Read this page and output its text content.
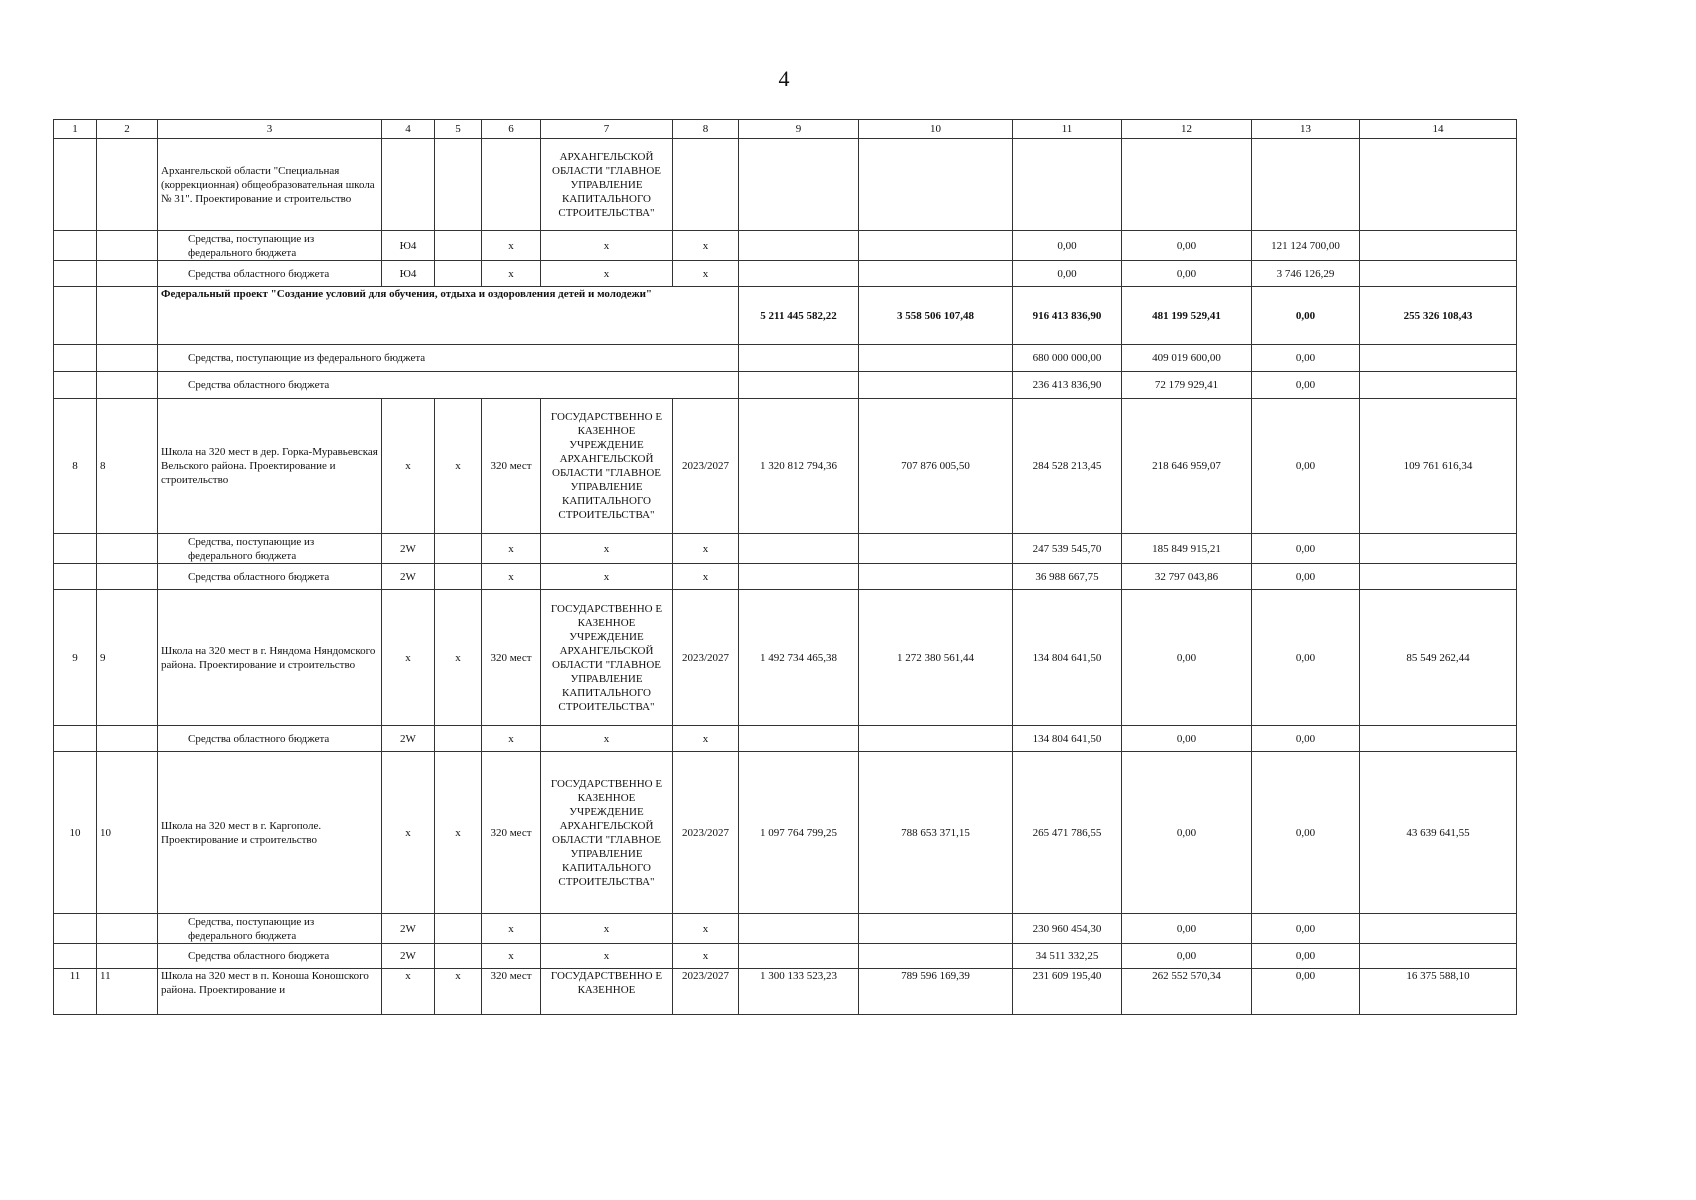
4
1	2	3	4	5	6	7	8	9	10	11	12	13	14
		Архангельской области "Специальная (коррекционная) общеобразовательная школа № 31". Проектирование и строительство				АРХАНГЕЛЬСКОЙ ОБЛАСТИ "ГЛАВНОЕ УПРАВЛЕНИЕ КАПИТАЛЬНОГО СТРОИТЕЛЬСТВА"							
		Средства, поступающие из федерального бюджета	Ю4		х	х	х			0,00	0,00	121 124 700,00	
		Средства областного бюджета	Ю4		х	х	х			0,00	0,00	3 746 126,29	
		Федеральный проект "Создание условий для обучения, отдыха и оздоровления детей и молодежи"						5 211 445 582,22	3 558 506 107,48	916 413 836,90	481 199 529,41	0,00	255 326 108,43
		Средства, поступающие из федерального бюджета								680 000 000,00	409 019 600,00	0,00	
		Средства областного бюджета								236 413 836,90	72 179 929,41	0,00	
8	8	Школа на 320 мест в дер. Горка-Муравьевская Вельского района. Проектирование и строительство	х	х	320 мест	ГОСУДАРСТВЕННО Е КАЗЕННОЕ УЧРЕЖДЕНИЕ АРХАНГЕЛЬСКОЙ ОБЛАСТИ "ГЛАВНОЕ УПРАВЛЕНИЕ КАПИТАЛЬНОГО СТРОИТЕЛЬСТВА"	2023/2027	1 320 812 794,36	707 876 005,50	284 528 213,45	218 646 959,07	0,00	109 761 616,34
		Средства, поступающие из федерального бюджета	2W		х	х	х			247 539 545,70	185 849 915,21	0,00	
		Средства областного бюджета	2W		х	х	х			36 988 667,75	32 797 043,86	0,00	
9	9	Школа на 320 мест в г. Няндома Няндомского района. Проектирование и строительство	х	х	320 мест	ГОСУДАРСТВЕННО Е КАЗЕННОЕ УЧРЕЖДЕНИЕ АРХАНГЕЛЬСКОЙ ОБЛАСТИ "ГЛАВНОЕ УПРАВЛЕНИЕ КАПИТАЛЬНОГО СТРОИТЕЛЬСТВА"	2023/2027	1 492 734 465,38	1 272 380 561,44	134 804 641,50	0,00	0,00	85 549 262,44
		Средства областного бюджета	2W		х	х	х			134 804 641,50	0,00	0,00	
10	10	Школа на 320 мест в г. Каргополе. Проектирование и строительство	х	х	320 мест	ГОСУДАРСТВЕННО Е КАЗЕННОЕ УЧРЕЖДЕНИЕ АРХАНГЕЛЬСКОЙ ОБЛАСТИ "ГЛАВНОЕ УПРАВЛЕНИЕ КАПИТАЛЬНОГО СТРОИТЕЛЬСТВА"	2023/2027	1 097 764 799,25	788 653 371,15	265 471 786,55	0,00	0,00	43 639 641,55
		Средства, поступающие из федерального бюджета	2W		х	х	х			230 960 454,30	0,00	0,00	
		Средства областного бюджета	2W		х	х	х			34 511 332,25	0,00	0,00	
11	11	Школа на 320 мест в п. Коноша Коношского района. Проектирование и	х	х	320 мест	ГОСУДАРСТВЕННО Е КАЗЕННОЕ	2023/2027	1 300 133 523,23	789 596 169,39	231 609 195,40	262 552 570,34	0,00	16 375 588,10
